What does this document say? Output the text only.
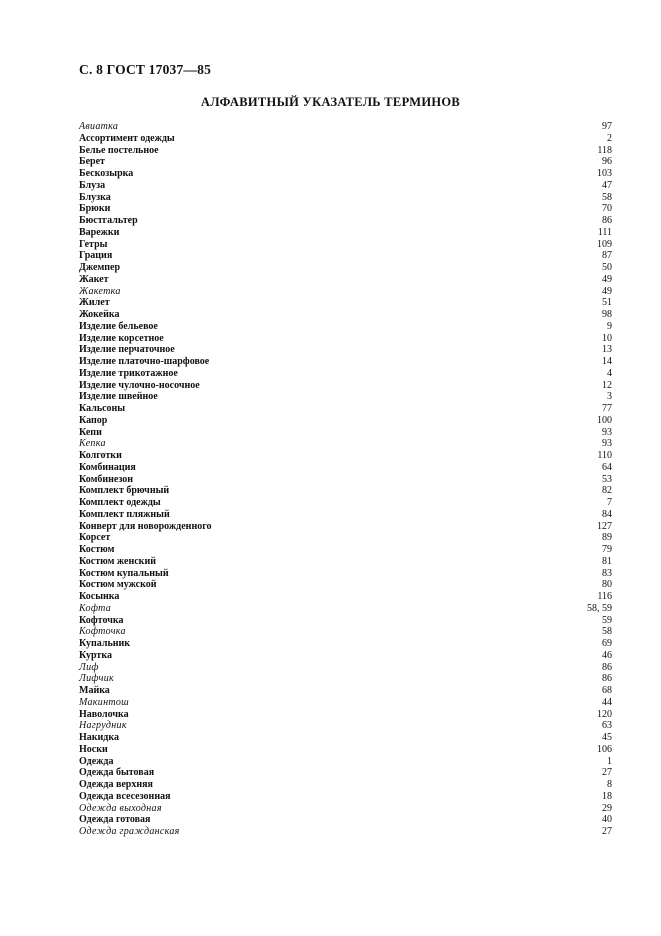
С. 8 ГОСТ 17037—85
АЛФАВИТНЫЙ УКАЗАТЕЛЬ ТЕРМИНОВ
Авиатка	97
Ассортимент одежды	2
Белье постельное	118
Берет	96
Бескозырка	103
Блуза	47
Блузка	58
Брюки	70
Бюстгальтер	86
Варежки	111
Гетры	109
Грация	87
Джемпер	50
Жакет	49
Жакетка	49
Жилет	51
Жокейка	98
Изделие бельевое	9
Изделие корсетное	10
Изделие перчаточное	13
Изделие платочно-шарфовое	14
Изделие трикотажное	4
Изделие чулочно-носочное	12
Изделие швейное	3
Кальсоны	77
Капор	100
Кепи	93
Кепка	93
Колготки	110
Комбинация	64
Комбинезон	53
Комплект брючный	82
Комплект одежды	7
Комплект пляжный	84
Конверт для новорожденного	127
Корсет	89
Костюм	79
Костюм женский	81
Костюм купальный	83
Костюм мужской	80
Косынка	116
Кофта	58, 59
Кофточка	59
Кофточка	58
Купальник	69
Куртка	46
Лиф	86
Лифчик	86
Майка	68
Макинтош	44
Наволочка	120
Нагрудник	63
Накидка	45
Носки	106
Одежда	1
Одежда бытовая	27
Одежда верхняя	8
Одежда всесезонная	18
Одежда выходная	29
Одежда готовая	40
Одежда гражданская	27
